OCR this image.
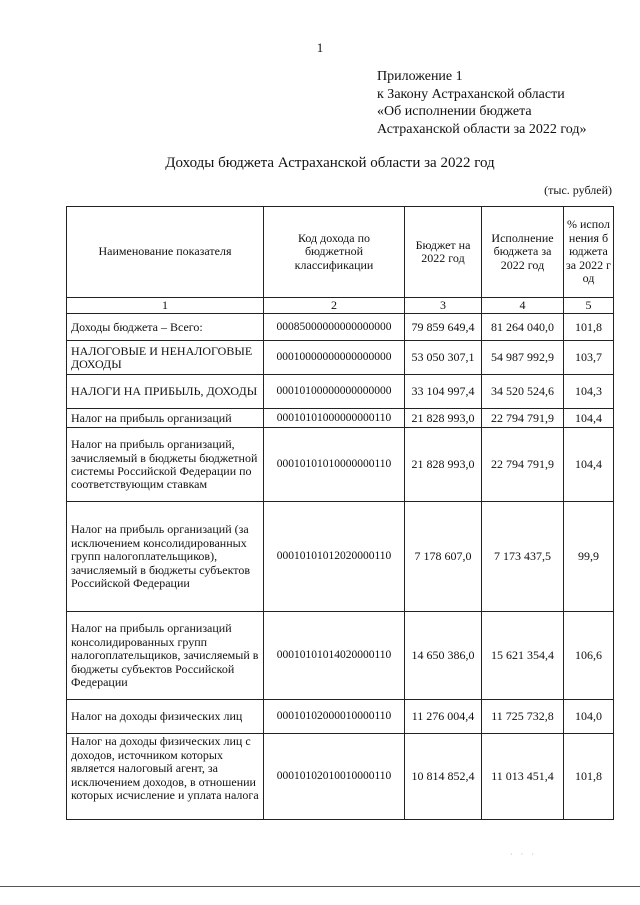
1
Приложение 1
к Закону Астраханской области
«Об исполнении бюджета
Астраханской области за 2022 год»
Доходы бюджета Астраханской области за 2022 год
(тыс. рублей)
Наименование показателя	Код дохода по бюджетной классификации	Бюджет на 2022 год	Исполнение бюджета за 2022 год	% исполнения бюджета за 2022 год
1	2	3	4	5
Доходы бюджета – Всего:	00085000000000000000	79 859 649,4	81 264 040,0	101,8
НАЛОГОВЫЕ И НЕНАЛОГОВЫЕ ДОХОДЫ	00010000000000000000	53 050 307,1	54 987 992,9	103,7
НАЛОГИ НА ПРИБЫЛЬ, ДОХОДЫ	00010100000000000000	33 104 997,4	34 520 524,6	104,3
Налог на прибыль организаций	00010101000000000110	21 828 993,0	22 794 791,9	104,4
Налог на прибыль организаций, зачисляемый в бюджеты бюджетной системы Российской Федерации по соответствующим ставкам	00010101010000000110	21 828 993,0	22 794 791,9	104,4
Налог на прибыль организаций (за исключением консолидированных групп налогоплательщиков), зачисляемый в бюджеты субъектов Российской Федерации	00010101012020000110	7 178 607,0	7 173 437,5	99,9
Налог на прибыль организаций консолидированных групп налогоплательщиков, зачисляемый в бюджеты субъектов Российской Федерации	00010101014020000110	14 650 386,0	15 621 354,4	106,6
Налог на доходы физических лиц	00010102000010000110	11 276 004,4	11 725 732,8	104,0
Налог на доходы физических лиц с доходов, источником которых является налоговый агент, за исключением доходов, в отношении которых исчисление и уплата налога	00010102010010000110	10 814 852,4	11 013 451,4	101,8
· · ·
